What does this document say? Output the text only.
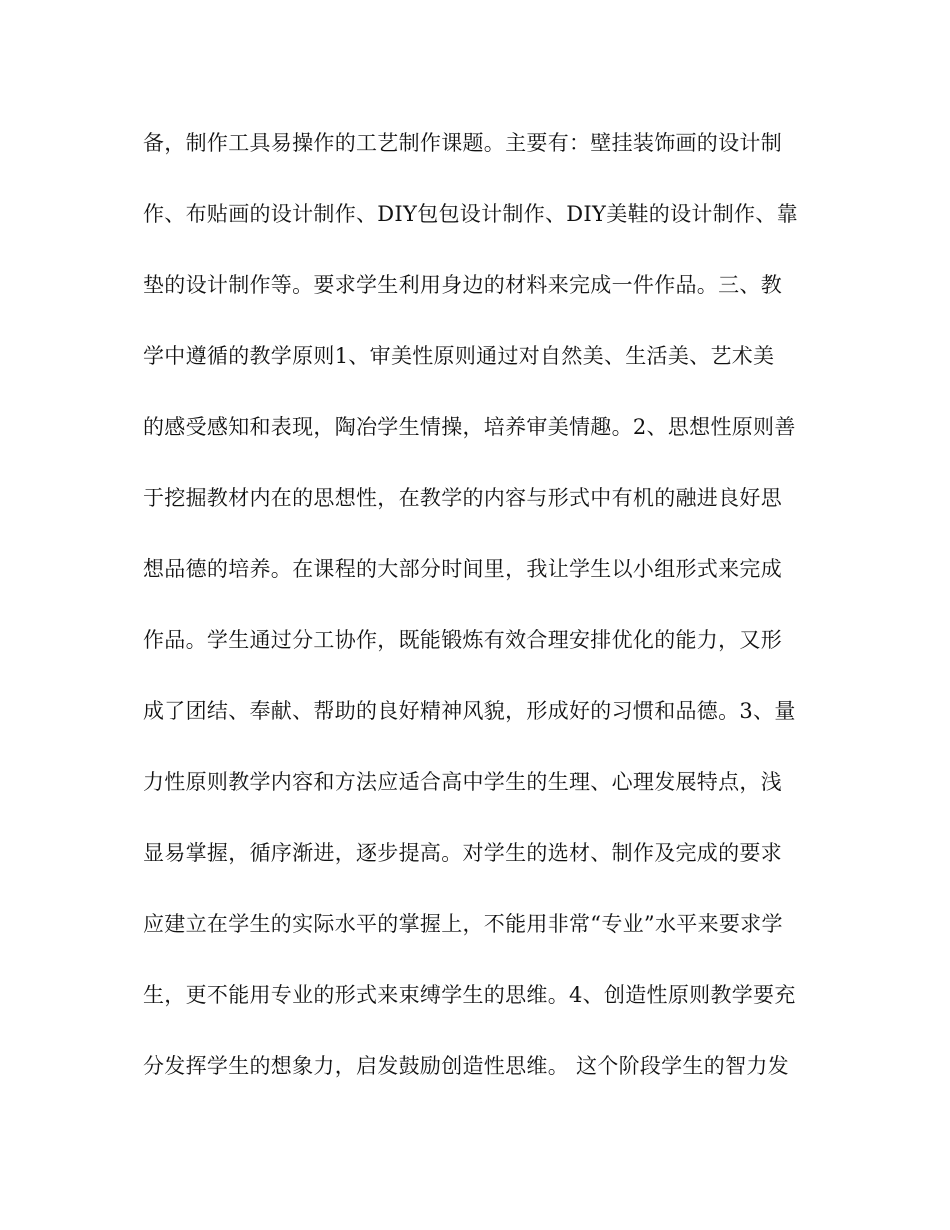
备，制作工具易操作的工艺制作课题。主要有：壁挂装饰画的设计制
作、布贴画的设计制作、DIY包包设计制作、DIY美鞋的设计制作、靠
垫的设计制作等。要求学生利用身边的材料来完成一件作品。三、教
学中遵循的教学原则1、审美性原则通过对自然美、生活美、艺术美
的感受感知和表现，陶冶学生情操，培养审美情趣。2、思想性原则善
于挖掘教材内在的思想性，在教学的内容与形式中有机的融进良好思
想品德的培养。在课程的大部分时间里，我让学生以小组形式来完成
作品。学生通过分工协作，既能锻炼有效合理安排优化的能力，又形
成了团结、奉献、帮助的良好精神风貌，形成好的习惯和品德。3、量
力性原则教学内容和方法应适合高中学生的生理、心理发展特点，浅
显易掌握，循序渐进，逐步提高。对学生的选材、制作及完成的要求
应建立在学生的实际水平的掌握上，不能用非常“专业”水平来要求学
生，更不能用专业的形式来束缚学生的思维。4、创造性原则教学要充
分发挥学生的想象力，启发鼓励创造性思维。 这个阶段学生的智力发
